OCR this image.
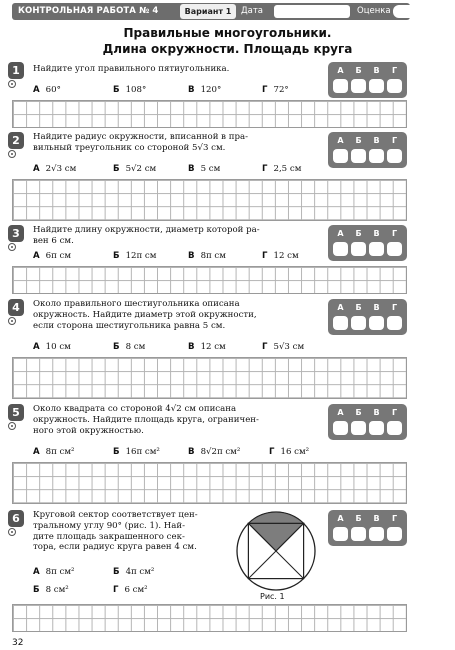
КОНТРОЛЬНАЯ РАБОТА № 4	Вариант 1	Дата	Оценка
Правильные многоугольники.
Длина окружности. Площадь круга
1	Найдите угол правильного пятиугольника.
А 60°	Б 108°	В 120°	Г 72°
А	Б	В	Г
2	Найдите радиус окружности, вписанной в пра-
вильный треугольник со стороной 5√3 см.
А 2√3 см	Б 5√2 см	В 5 см	Г 2,5 см
А	Б	В	Г
3	Найдите длину окружности, диаметр которой ра-
вен 6 см.
А 6π см	Б 12π см	В 8π см	Г 12 см
А	Б	В	Г
4	Около правильного шестиугольника описана
окружность. Найдите диаметр этой окружности,
если сторона шестиугольника равна 5 см.
А 10 см	Б 8 см	В 12 см	Г 5√3 см
А	Б	В	Г
5	Около квадрата со стороной 4√2 см описана
окружность. Найдите площадь круга, ограничен-
ного этой окружностью.
А 8π см²	Б 16π см²	В 8√2π см²	Г 16 см²
А	Б	В	Г
6	Круговой сектор соответствует цен-
тральному углу 90° (рис. 1). Най-
дите площадь закрашенного сек-
тора, если радиус круга равен 4 см.
А 8π см²	Б 4π см²
Б 8 см²	Г 6 см²
Рис. 1
А	Б	В	Г
32
